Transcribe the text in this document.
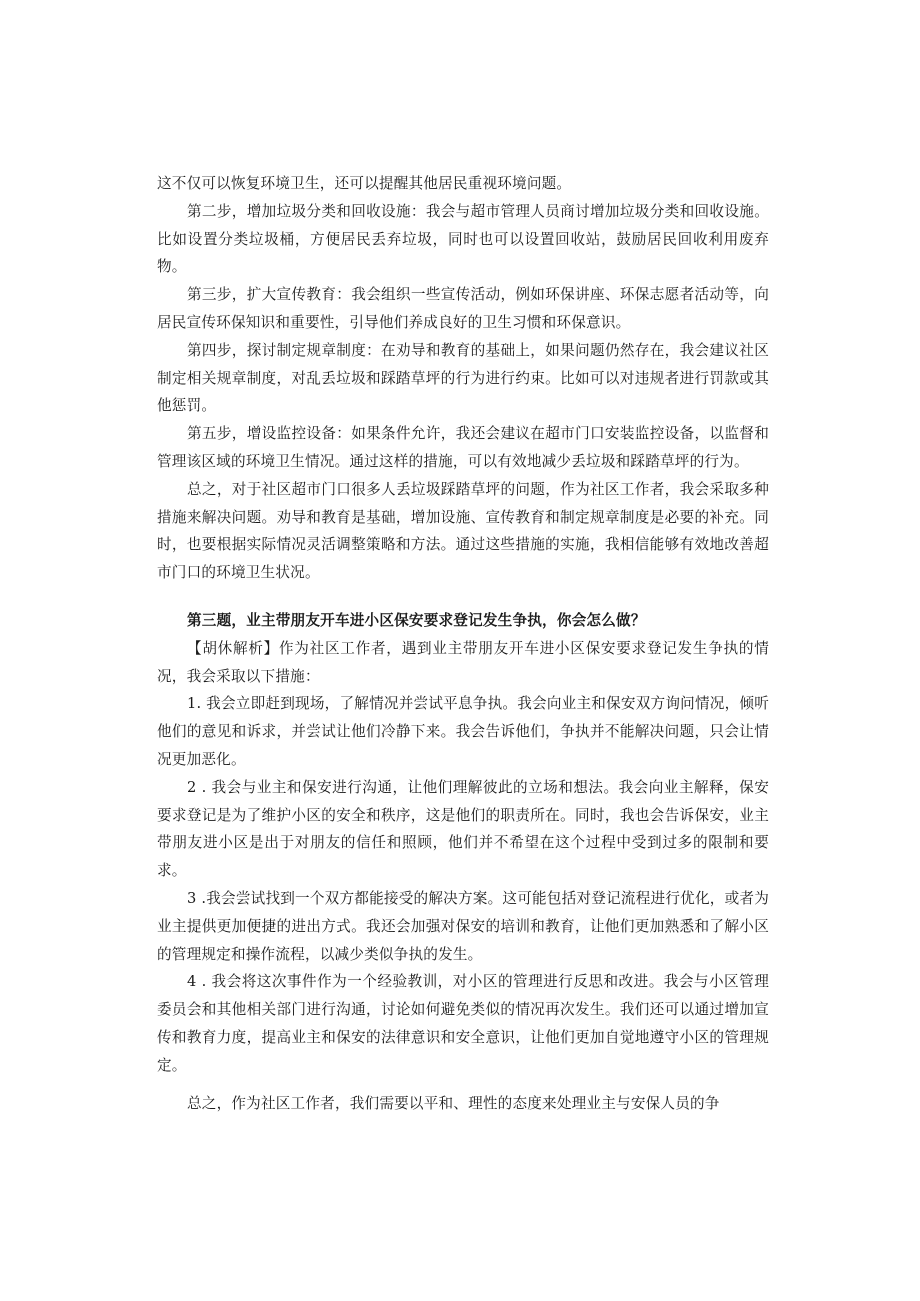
这不仅可以恢复环境卫生，还可以提醒其他居民重视环境问题。

第二步，增加垃圾分类和回收设施：我会与超市管理人员商讨增加垃圾分类和回收设施。比如设置分类垃圾桶，方便居民丢弃垃圾，同时也可以设置回收站，鼓励居民回收利用废弃物。

第三步，扩大宣传教育：我会组织一些宣传活动，例如环保讲座、环保志愿者活动等，向居民宣传环保知识和重要性，引导他们养成良好的卫生习惯和环保意识。

第四步，探讨制定规章制度：在劝导和教育的基础上，如果问题仍然存在，我会建议社区制定相关规章制度，对乱丢垃圾和踩踏草坪的行为进行约束。比如可以对违规者进行罚款或其他惩罚。

第五步，增设监控设备：如果条件允许，我还会建议在超市门口安装监控设备，以监督和管理该区域的环境卫生情况。通过这样的措施，可以有效地减少丢垃圾和踩踏草坪的行为。

总之，对于社区超市门口很多人丢垃圾踩踏草坪的问题，作为社区工作者，我会采取多种措施来解决问题。劝导和教育是基础，增加设施、宣传教育和制定规章制度是必要的补充。同时，也要根据实际情况灵活调整策略和方法。通过这些措施的实施，我相信能够有效地改善超市门口的环境卫生状况。

第三题，业主带朋友开车进小区保安要求登记发生争执，你会怎么做？

【胡休解析】作为社区工作者，遇到业主带朋友开车进小区保安要求登记发生争执的情况，我会采取以下措施：

1. 我会立即赶到现场，了解情况并尝试平息争执。我会向业主和保安双方询问情况，倾听他们的意见和诉求，并尝试让他们冷静下来。我会告诉他们，争执并不能解决问题，只会让情况更加恶化。

2 . 我会与业主和保安进行沟通，让他们理解彼此的立场和想法。我会向业主解释，保安要求登记是为了维护小区的安全和秩序，这是他们的职责所在。同时，我也会告诉保安，业主带朋友进小区是出于对朋友的信任和照顾，他们并不希望在这个过程中受到过多的限制和要求。

3 .我会尝试找到一个双方都能接受的解决方案。这可能包括对登记流程进行优化，或者为业主提供更加便捷的进出方式。我还会加强对保安的培训和教育，让他们更加熟悉和了解小区的管理规定和操作流程，以减少类似争执的发生。

4 . 我会将这次事件作为一个经验教训，对小区的管理进行反思和改进。我会与小区管理委员会和其他相关部门进行沟通，讨论如何避免类似的情况再次发生。我们还可以通过增加宣传和教育力度，提高业主和保安的法律意识和安全意识，让他们更加自觉地遵守小区的管理规定。

总之，作为社区工作者，我们需要以平和、理性的态度来处理业主与安保人员的争
